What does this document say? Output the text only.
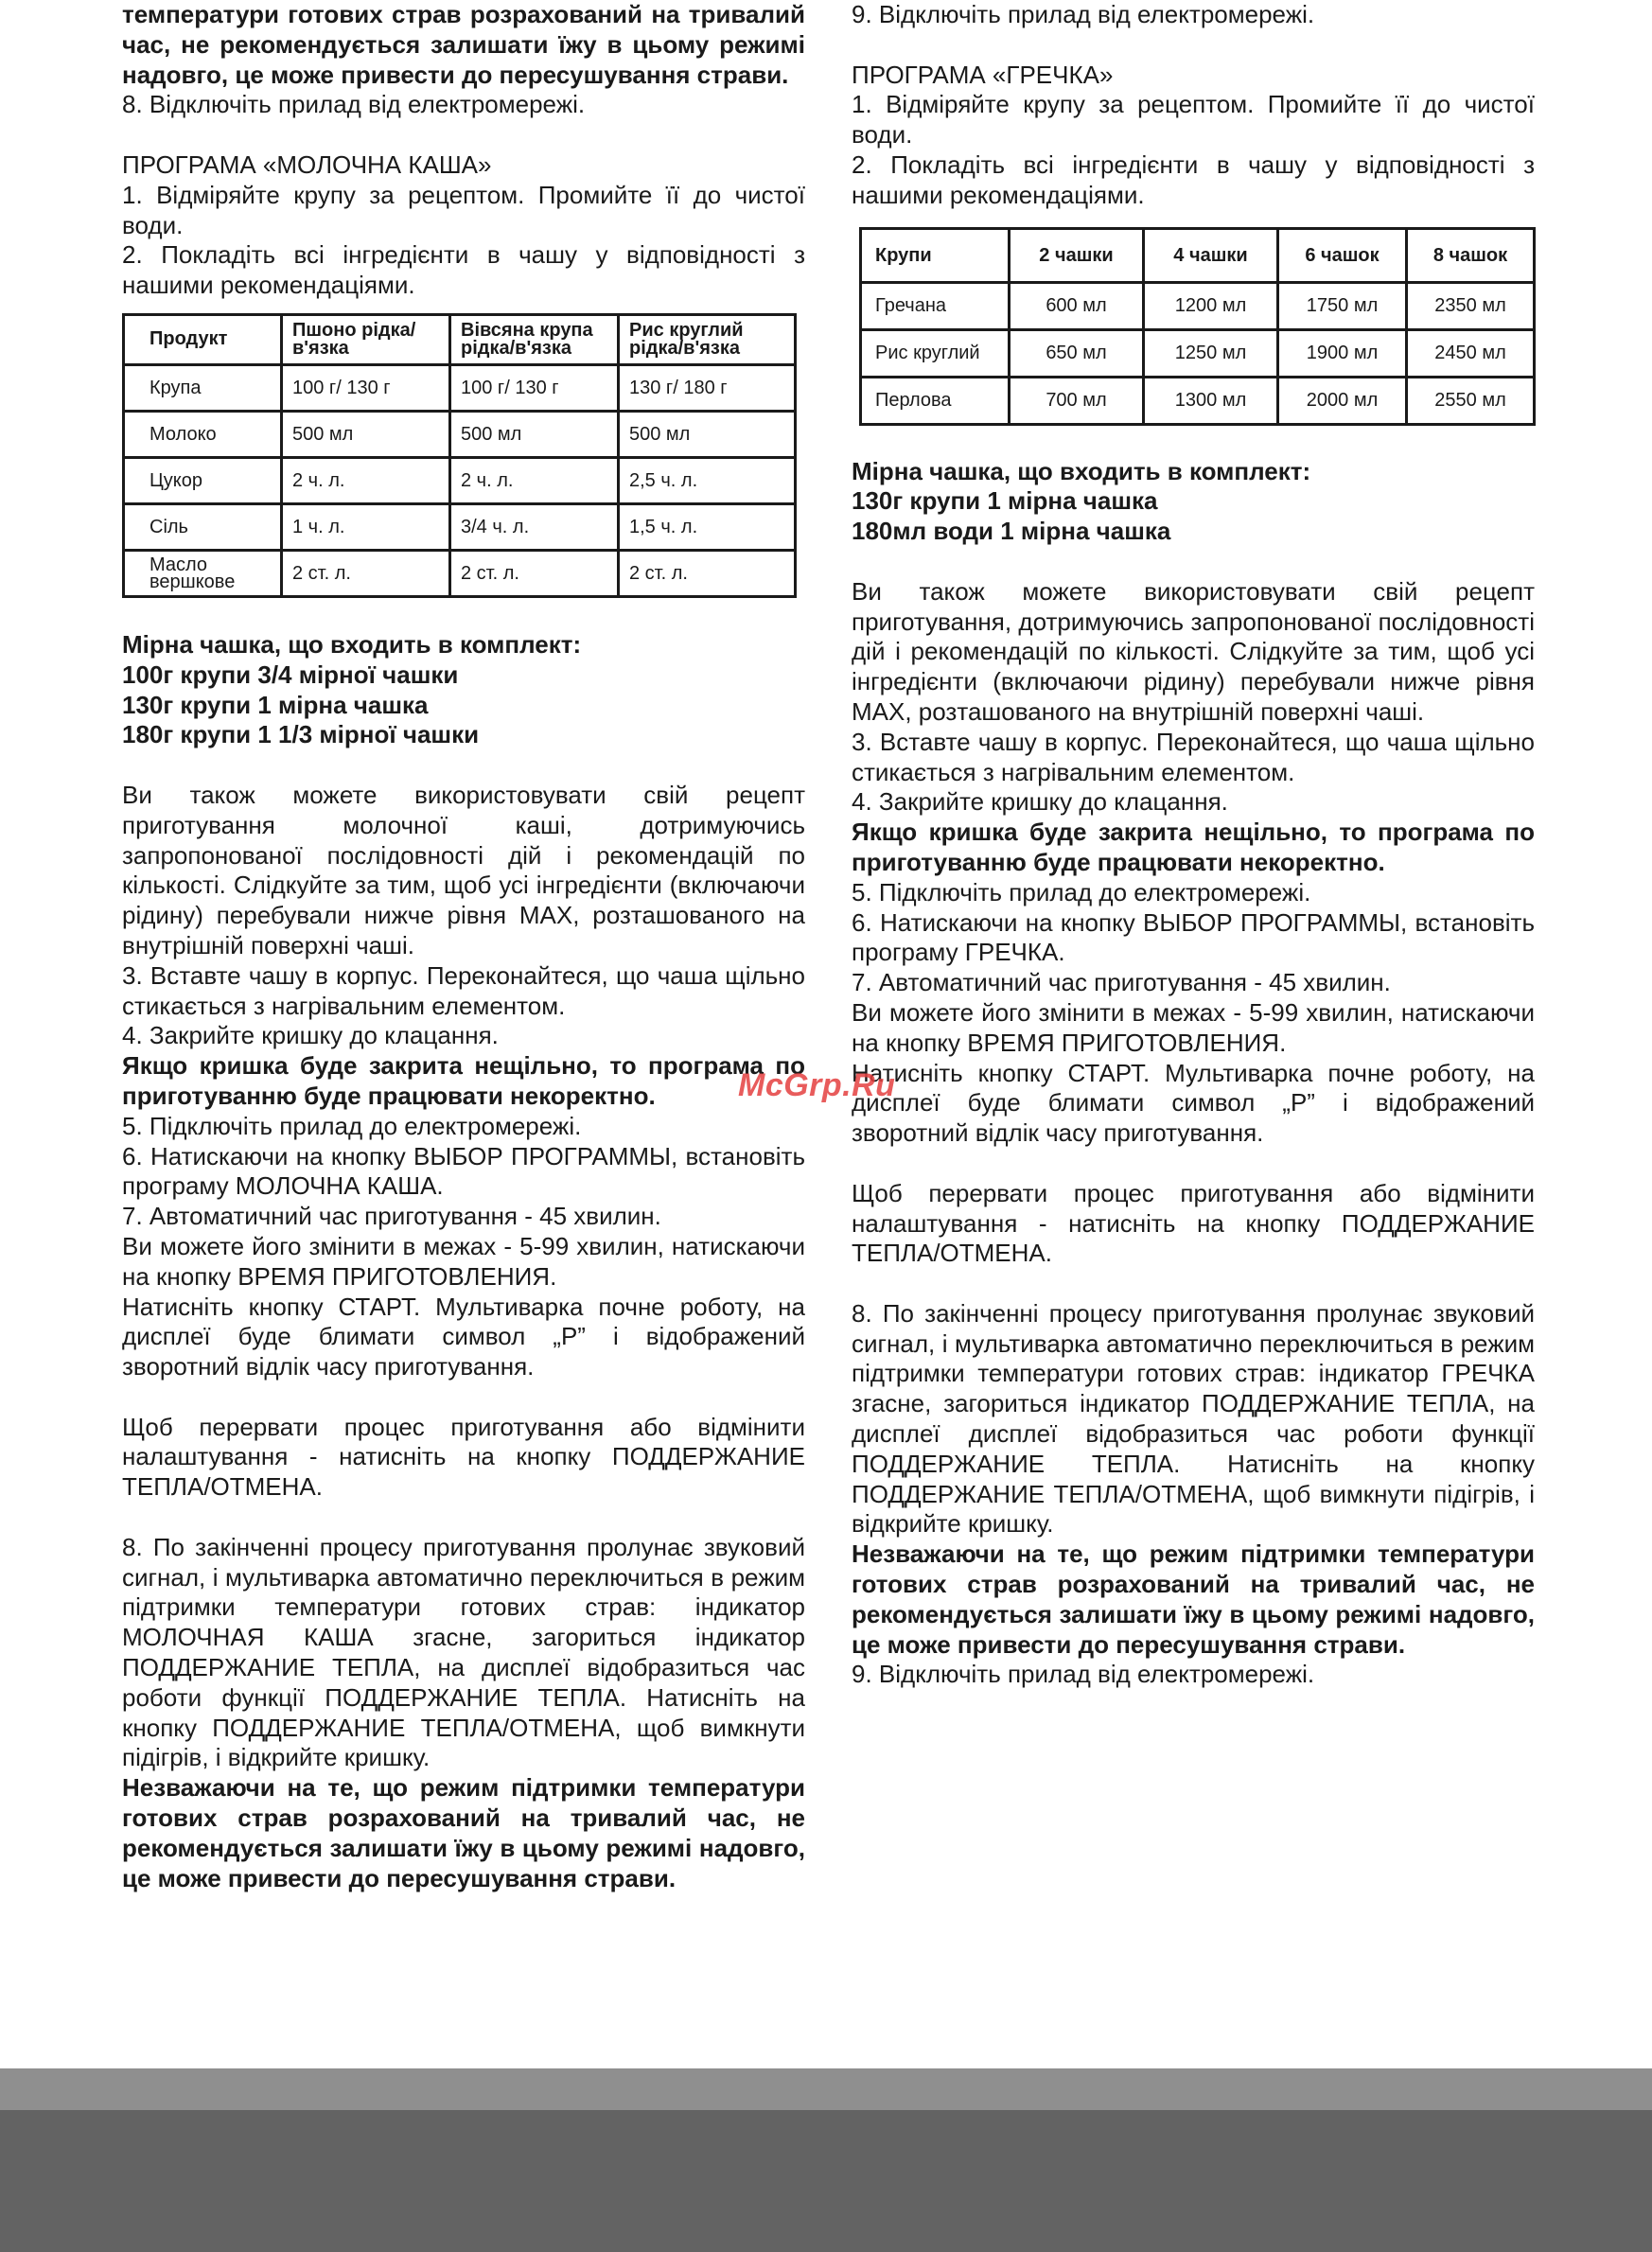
температури готових страв розрахований на тривалий час, не рекомендується залишати їжу в цьому режимі надовго, це може привести до пересушування страви.

8. Відключіть прилад від електромережі.

ПРОГРАМА «МОЛОЧНА КАША»

1. Відміряйте крупу за рецептом. Промийте її до чистої води.

2. Покладіть всі інгредієнти в чашу у відповідності з нашими рекомендаціями.

Продукт	Пшоно рідка/в'язка	Вівсяна крупа рідка/в'язка	Рис круглий рідка/в'язка
Крупа	100 г/ 130 г	100 г/ 130 г	130 г/ 180 г
Молоко	500 мл	500 мл	500 мл
Цукор	2 ч. л.	2 ч. л.	2,5 ч. л.
Сіль	1 ч. л.	3/4 ч. л.	1,5 ч. л.
Масло вершкове	2 ст. л.	2 ст. л.	2 ст. л.

Мірна чашка, що входить в комплект:

100г крупи 3/4 мірної чашки

130г крупи 1 мірна чашка

180г крупи 1 1/3 мірної чашки

Ви також можете використовувати свій рецепт приготування молочної каші, дотримуючись запропонованої послідовності дій і рекомендацій по кількості. Слідкуйте за тим, щоб усі інгредієнти (включаючи рідину) перебували нижче рівня MAX, розташованого на внутрішній поверхні чаші.

3. Вставте чашу в корпус. Переконайтеся, що чаша щільно стикається з нагрівальним елементом.

4. Закрийте кришку до клацання.

Якщо кришка буде закрита нещільно, то програма по приготуванню буде працювати некоректно.

5. Підключіть прилад до електромережі.

6. Натискаючи на кнопку ВЫБОР ПРОГРАММЫ, встановіть програму МОЛОЧНА КАША.

7. Автоматичний час приготування - 45 хвилин.

Ви можете його змінити в межах - 5-99 хвилин, натискаючи на кнопку ВРЕМЯ ПРИГОТОВЛЕНИЯ.

Натисніть кнопку СТАРТ. Мультиварка почне роботу, на дисплеї буде блимати символ „Р” і відображений зворотний відлік часу приготування.

Щоб перервати процес приготування або відмінити налаштування - натисніть на кнопку ПОДДЕРЖАНИЕ ТЕПЛА/ОТМЕНА.

8. По закінченні процесу приготування пролунає звуковий сигнал, і мультиварка автоматично переключиться в режим підтримки температури готових страв: індикатор МОЛОЧНАЯ КАША згасне, загориться індикатор ПОДДЕРЖАНИЕ ТЕПЛА, на дисплеї відобразиться час роботи функції ПОДДЕРЖАНИЕ ТЕПЛА. Натисніть на кнопку ПОДДЕРЖАНИЕ ТЕПЛА/ОТМЕНА, щоб вимкнути підігрів, і відкрийте кришку.

Незважаючи на те, що режим підтримки температури готових страв розрахований на тривалий час, не рекомендується залишати їжу в цьому режимі надовго, це може привести до пересушування страви.

9. Відключіть прилад від електромережі.

ПРОГРАМА «ГРЕЧКА»

1. Відміряйте крупу за рецептом. Промийте її до чистої води.

2. Покладіть всі інгредієнти в чашу у відповідності з нашими рекомендаціями.

Крупи	2 чашки	4 чашки	6 чашок	8 чашок
Гречана	600 мл	1200 мл	1750 мл	2350 мл
Рис круглий	650 мл	1250 мл	1900 мл	2450 мл
Перлова	700 мл	1300 мл	2000 мл	2550 мл

Мірна чашка, що входить в комплект:

130г крупи 1 мірна чашка

180мл води 1 мірна чашка

Ви також можете використовувати свій рецепт приготування, дотримуючись запропонованої послідовності дій і рекомендацій по кількості. Слідкуйте за тим, щоб усі інгредієнти (включаючи рідину) перебували нижче рівня MAX, розташованого на внутрішній поверхні чаші.

3. Вставте чашу в корпус. Переконайтеся, що чаша щільно стикається з нагрівальним елементом.

4. Закрийте кришку до клацання.

Якщо кришка буде закрита нещільно, то програма по приготуванню буде працювати некоректно.

5. Підключіть прилад до електромережі.

6. Натискаючи на кнопку ВЫБОР ПРОГРАММЫ, встановіть програму ГРЕЧКА.

7. Автоматичний час приготування - 45 хвилин.

Ви можете його змінити в межах - 5-99 хвилин, натискаючи на кнопку ВРЕМЯ ПРИГОТОВЛЕНИЯ.

Натисніть кнопку СТАРТ. Мультиварка почне роботу, на дисплеї буде блимати символ „Р” і відображений зворотний відлік часу приготування.

Щоб перервати процес приготування або відмінити налаштування - натисніть на кнопку ПОДДЕРЖАНИЕ ТЕПЛА/ОТМЕНА.

8. По закінченні процесу приготування пролунає звуковий сигнал, і мультиварка автоматично переключиться в режим підтримки температури готових страв: індикатор ГРЕЧКА згасне, загориться індикатор ПОДДЕРЖАНИЕ ТЕПЛА, на дисплеї дисплеї відобразиться час роботи функції ПОДДЕРЖАНИЕ ТЕПЛА. Натисніть на кнопку ПОДДЕРЖАНИЕ ТЕПЛА/ОТМЕНА, щоб вимкнути підігрів, і відкрийте кришку.

Незважаючи на те, що режим підтримки температури готових страв розрахований на тривалий час, не рекомендується залишати їжу в цьому режимі надовго, це може привести до пересушування страви.

9. Відключіть прилад від електромережі.

McGrp.Ru
